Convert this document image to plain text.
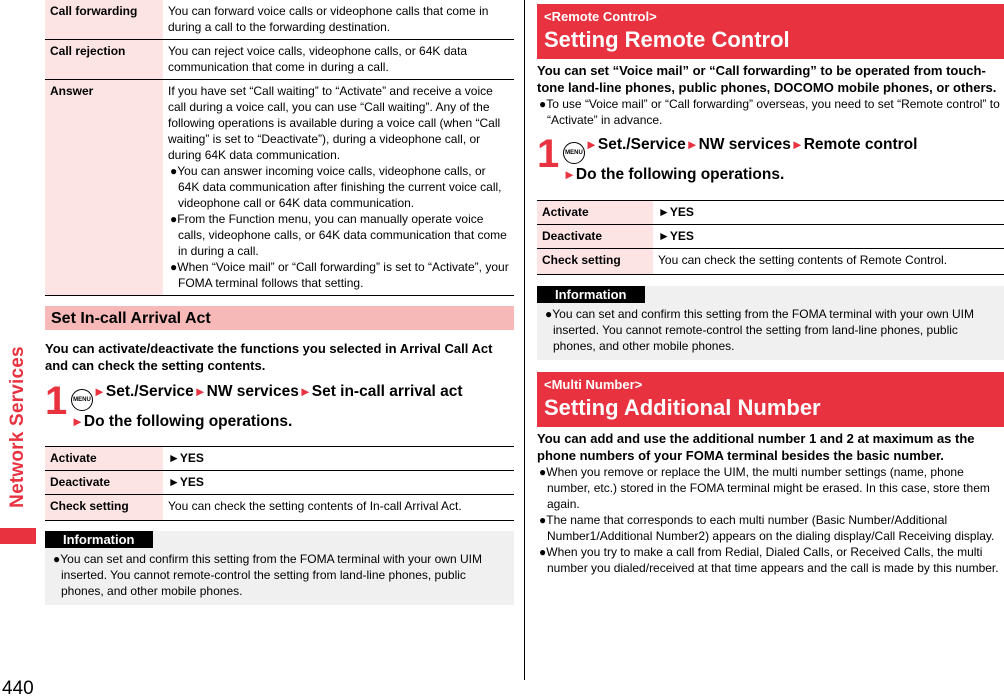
Network Services
440
Call forwarding	You can forward voice calls or videophone calls that come in during a call to the forwarding destination.
Call rejection	You can reject voice calls, videophone calls, or 64K data communication that come in during a call.
Answer	If you have set “Call waiting” to “Activate” and receive a voice call during a voice call, you can use “Call waiting”. Any of the following operations is available during a voice call (when “Call waiting” is set to “Deactivate”), during a videophone call, or during 64K data communication.
●You can answer incoming voice calls, videophone calls, or 64K data communication after finishing the current voice call, videophone call or 64K data communication.
●From the Function menu, you can manually operate voice calls, videophone calls, or 64K data communication that come in during a call.
●When “Voice mail” or “Call forwarding” is set to “Activate”, your FOMA terminal follows that setting.
Set In-call Arrival Act
You can activate/deactivate the functions you selected in Arrival Call Act and can check the setting contents.
1 MENU►Set./Service►NW services►Set in-call arrival act
►Do the following operations.
Activate	►YES
Deactivate	►YES
Check setting	You can check the setting contents of In-call Arrival Act.
Information
●You can set and confirm this setting from the FOMA terminal with your own UIM inserted. You cannot remote-control the setting from land-line phones, public phones, and other mobile phones.
<Remote Control>
Setting Remote Control
You can set “Voice mail” or “Call forwarding” to be operated from touch-tone land-line phones, public phones, DOCOMO mobile phones, or others.
●To use “Voice mail” or “Call forwarding” overseas, you need to set “Remote control” to “Activate” in advance.
1 MENU►Set./Service►NW services►Remote control
►Do the following operations.
Activate	►YES
Deactivate	►YES
Check setting	You can check the setting contents of Remote Control.
Information
●You can set and confirm this setting from the FOMA terminal with your own UIM inserted. You cannot remote-control the setting from land-line phones, public phones, and other mobile phones.
<Multi Number>
Setting Additional Number
You can add and use the additional number 1 and 2 at maximum as the phone numbers of your FOMA terminal besides the basic number.
●When you remove or replace the UIM, the multi number settings (name, phone number, etc.) stored in the FOMA terminal might be erased. In this case, store them again.
●The name that corresponds to each multi number (Basic Number/Additional Number1/Additional Number2) appears on the dialing display/Call Receiving display.
●When you try to make a call from Redial, Dialed Calls, or Received Calls, the multi number you dialed/received at that time appears and the call is made by this number.
